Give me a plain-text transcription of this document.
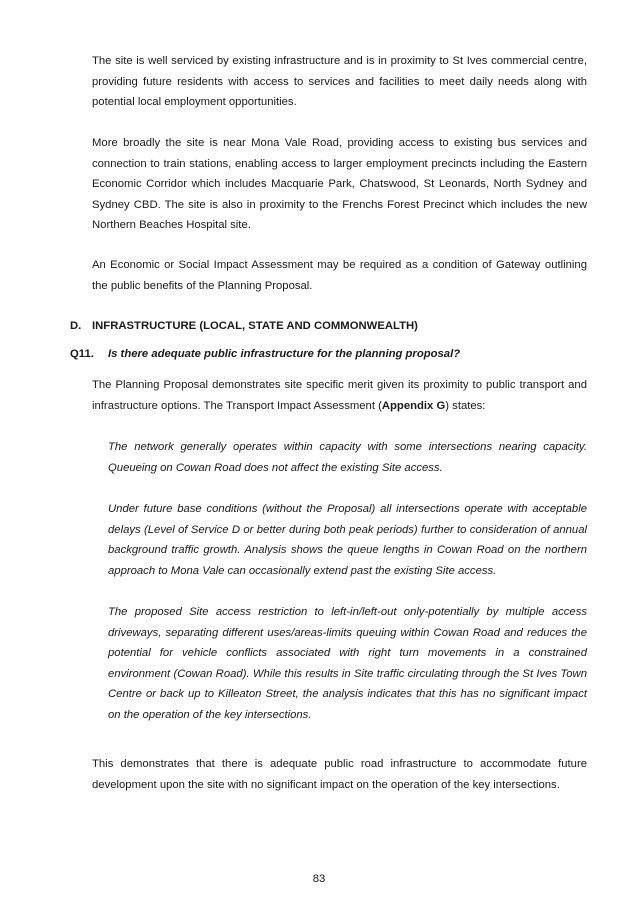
The site is well serviced by existing infrastructure and is in proximity to St Ives commercial centre, providing future residents with access to services and facilities to meet daily needs along with potential local employment opportunities.

More broadly the site is near Mona Vale Road, providing access to existing bus services and connection to train stations, enabling access to larger employment precincts including the Eastern Economic Corridor which includes Macquarie Park, Chatswood, St Leonards, North Sydney and Sydney CBD. The site is also in proximity to the Frenchs Forest Precinct which includes the new Northern Beaches Hospital site.

An Economic or Social Impact Assessment may be required as a condition of Gateway outlining the public benefits of the Planning Proposal.

D. INFRASTRUCTURE (LOCAL, STATE AND COMMONWEALTH)
Q11. Is there adequate public infrastructure for the planning proposal?

The Planning Proposal demonstrates site specific merit given its proximity to public transport and infrastructure options. The Transport Impact Assessment (Appendix G) states:

The network generally operates within capacity with some intersections nearing capacity. Queueing on Cowan Road does not affect the existing Site access.

Under future base conditions (without the Proposal) all intersections operate with acceptable delays (Level of Service D or better during both peak periods) further to consideration of annual background traffic growth. Analysis shows the queue lengths in Cowan Road on the northern approach to Mona Vale can occasionally extend past the existing Site access.

The proposed Site access restriction to left-in/left-out only‑potentially by multiple access driveways, separating different uses/areas‑limits queuing within Cowan Road and reduces the potential for vehicle conflicts associated with right turn movements in a constrained environment (Cowan Road). While this results in Site traffic circulating through the St Ives Town Centre or back up to Killeaton Street, the analysis indicates that this has no significant impact on the operation of the key intersections.

This demonstrates that there is adequate public road infrastructure to accommodate future development upon the site with no significant impact on the operation of the key intersections.

83
